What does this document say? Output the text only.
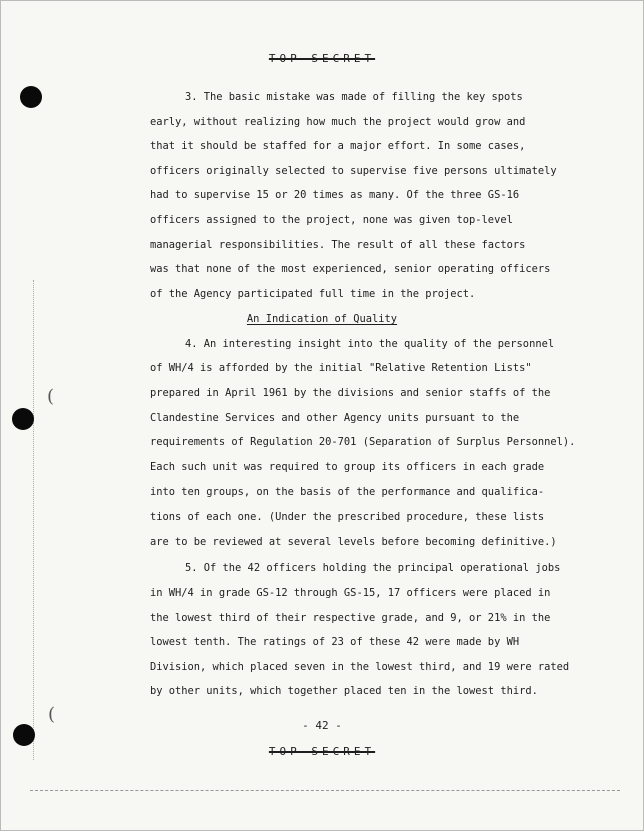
(
(
TOP SECRET
3. The basic mistake was made of filling the key spots
early, without realizing how much the project would grow and
that it should be staffed for a major effort. In some cases,
officers originally selected to supervise five persons ultimately
had to supervise 15 or 20 times as many. Of the three GS-16
officers assigned to the project, none was given top-level
managerial responsibilities. The result of all these factors
was that none of the most experienced, senior operating officers
of the Agency participated full time in the project.
An Indication of Quality
4. An interesting insight into the quality of the personnel
of WH/4 is afforded by the initial "Relative Retention Lists"
prepared in April 1961 by the divisions and senior staffs of the
Clandestine Services and other Agency units pursuant to the
requirements of Regulation 20-701 (Separation of Surplus Personnel).
Each such unit was required to group its officers in each grade
into ten groups, on the basis of the performance and qualifica-
tions of each one. (Under the prescribed procedure, these lists
are to be reviewed at several levels before becoming definitive.)
5. Of the 42 officers holding the principal operational jobs
in WH/4 in grade GS-12 through GS-15, 17 officers were placed in
the lowest third of their respective grade, and 9, or 21% in the
lowest tenth. The ratings of 23 of these 42 were made by WH
Division, which placed seven in the lowest third, and 19 were rated
by other units, which together placed ten in the lowest third.
- 42 -
TOP SECRET
